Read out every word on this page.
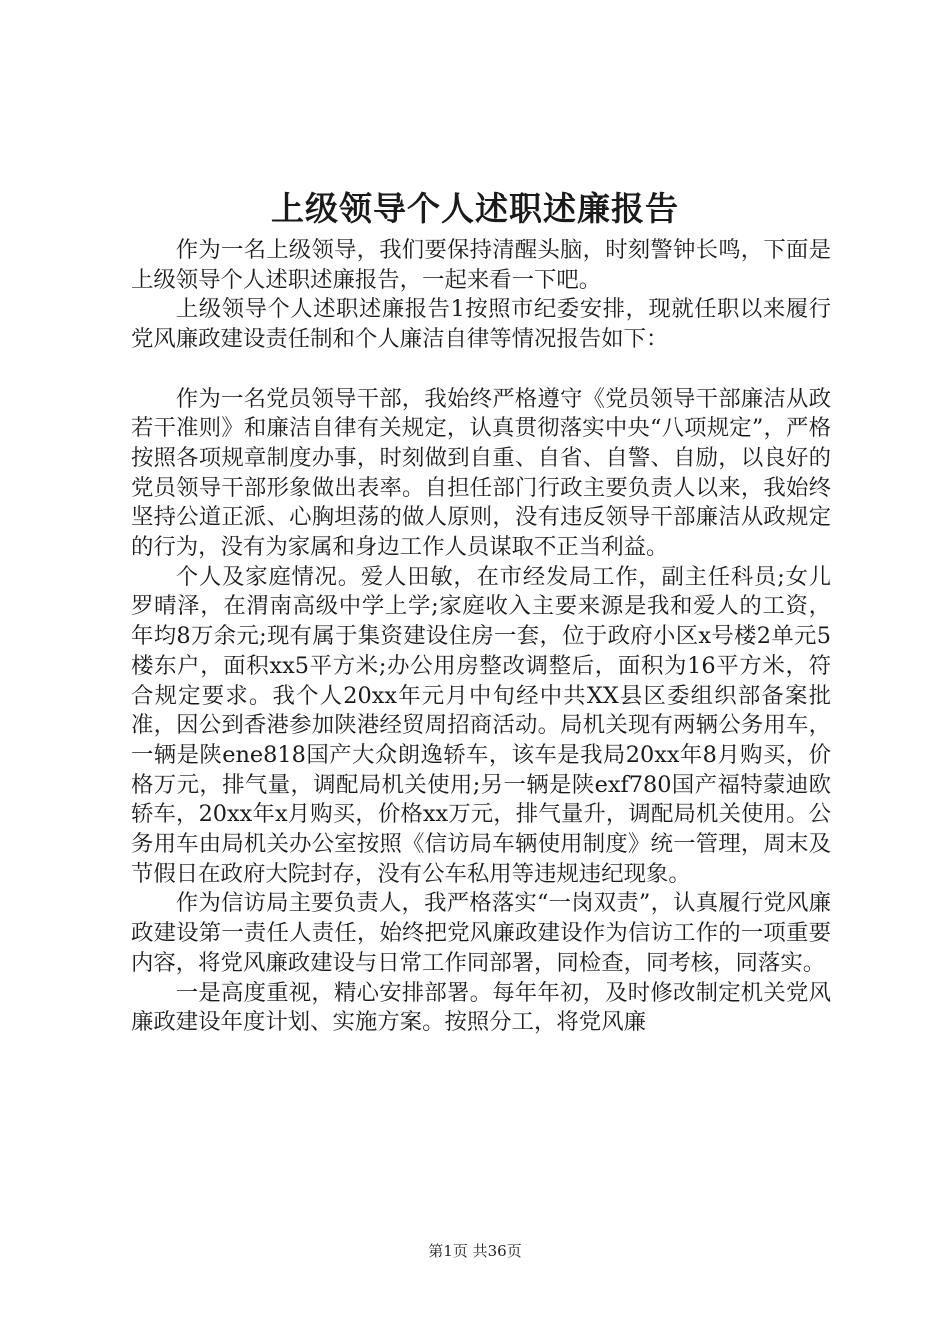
上级领导个人述职述廉报告

作为一名上级领导，我们要保持清醒头脑，时刻警钟长鸣，下面是上级领导个人述职述廉报告，一起来看一下吧。

上级领导个人述职述廉报告1按照市纪委安排，现就任职以来履行党风廉政建设责任制和个人廉洁自律等情况报告如下：

作为一名党员领导干部，我始终严格遵守《党员领导干部廉洁从政若干准则》和廉洁自律有关规定，认真贯彻落实中央“八项规定”，严格按照各项规章制度办事，时刻做到自重、自省、自警、自励，以良好的党员领导干部形象做出表率。自担任部门行政主要负责人以来，我始终坚持公道正派、心胸坦荡的做人原则，没有违反领导干部廉洁从政规定的行为，没有为家属和身边工作人员谋取不正当利益。

个人及家庭情况。爱人田敏，在市经发局工作，副主任科员;女儿罗晴泽，在渭南高级中学上学;家庭收入主要来源是我和爱人的工资，年均8万余元;现有属于集资建设住房一套，位于政府小区x号楼2单元5楼东户，面积xx5平方米;办公用房整改调整后，面积为16平方米，符合规定要求。我个人20xx年元月中旬经中共XX县区委组织部备案批准，因公到香港参加陕港经贸周招商活动。局机关现有两辆公务用车，一辆是陕ene818国产大众朗逸轿车，该车是我局20xx年8月购买，价格万元，排气量，调配局机关使用;另一辆是陕exf780国产福特蒙迪欧轿车，20xx年x月购买，价格xx万元，排气量升，调配局机关使用。公务用车由局机关办公室按照《信访局车辆使用制度》统一管理，周末及节假日在政府大院封存，没有公车私用等违规违纪现象。

作为信访局主要负责人，我严格落实“一岗双责”，认真履行党风廉政建设第一责任人责任，始终把党风廉政建设作为信访工作的一项重要内容，将党风廉政建设与日常工作同部署，同检查，同考核，同落实。

一是高度重视，精心安排部署。每年年初，及时修改制定机关党风廉政建设年度计划、实施方案。按照分工，将党风廉

第1页 共36页
